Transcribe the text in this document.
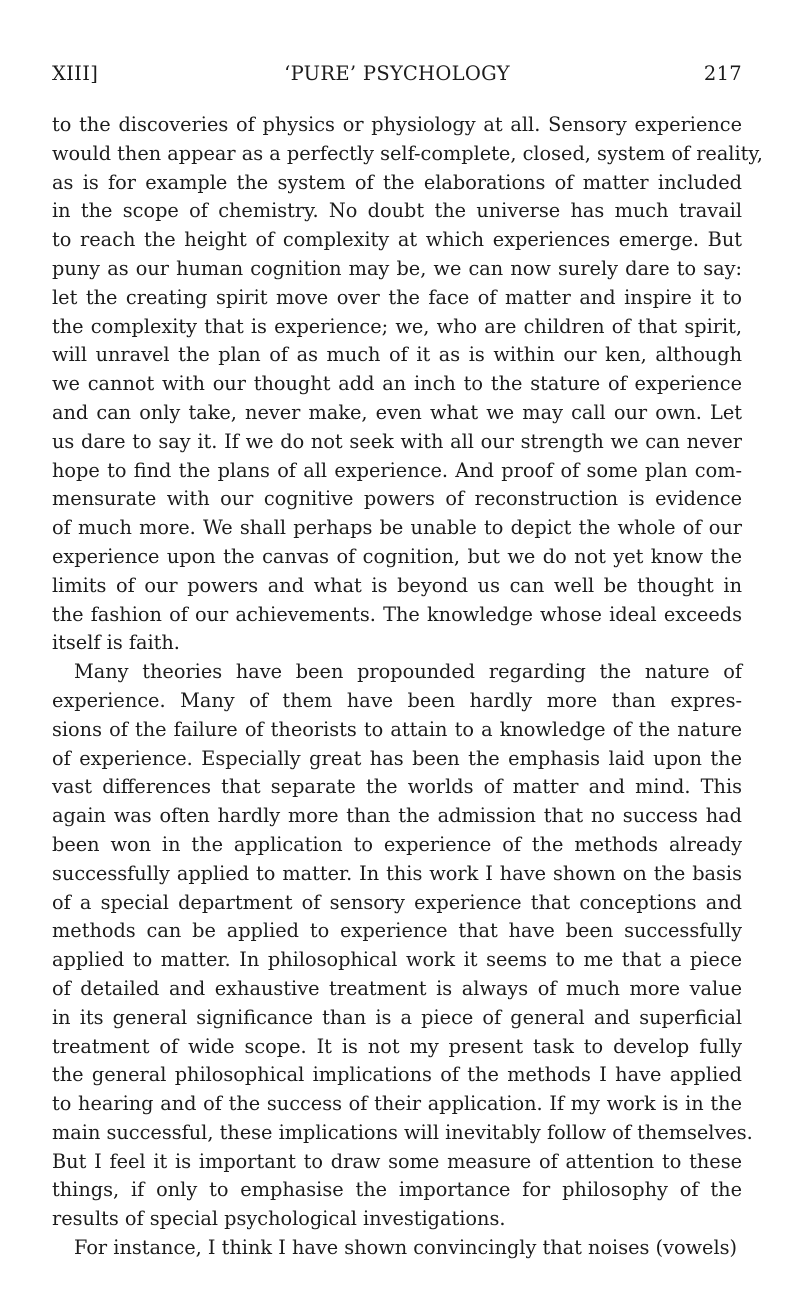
XIII]	‘PURE’ PSYCHOLOGY	217
to the discoveries of physics or physiology at all. Sensory experience
would then appear as a perfectly self-complete, closed, system of reality,
as is for example the system of the elaborations of matter included
in the scope of chemistry. No doubt the universe has much travail
to reach the height of complexity at which experiences emerge. But
puny as our human cognition may be, we can now surely dare to say:
let the creating spirit move over the face of matter and inspire it to
the complexity that is experience; we, who are children of that spirit,
will unravel the plan of as much of it as is within our ken, although
we cannot with our thought add an inch to the stature of experience
and can only take, never make, even what we may call our own. Let
us dare to say it. If we do not seek with all our strength we can never
hope to find the plans of all experience. And proof of some plan com-
mensurate with our cognitive powers of reconstruction is evidence
of much more. We shall perhaps be unable to depict the whole of our
experience upon the canvas of cognition, but we do not yet know the
limits of our powers and what is beyond us can well be thought in
the fashion of our achievements. The knowledge whose ideal exceeds
itself is faith.
Many theories have been propounded regarding the nature of
experience. Many of them have been hardly more than expres-
sions of the failure of theorists to attain to a knowledge of the nature
of experience. Especially great has been the emphasis laid upon the
vast differences that separate the worlds of matter and mind. This
again was often hardly more than the admission that no success had
been won in the application to experience of the methods already
successfully applied to matter. In this work I have shown on the basis
of a special department of sensory experience that conceptions and
methods can be applied to experience that have been successfully
applied to matter. In philosophical work it seems to me that a piece
of detailed and exhaustive treatment is always of much more value
in its general significance than is a piece of general and superficial
treatment of wide scope. It is not my present task to develop fully
the general philosophical implications of the methods I have applied
to hearing and of the success of their application. If my work is in the
main successful, these implications will inevitably follow of themselves.
But I feel it is important to draw some measure of attention to these
things, if only to emphasise the importance for philosophy of the
results of special psychological investigations.
For instance, I think I have shown convincingly that noises (vowels)
